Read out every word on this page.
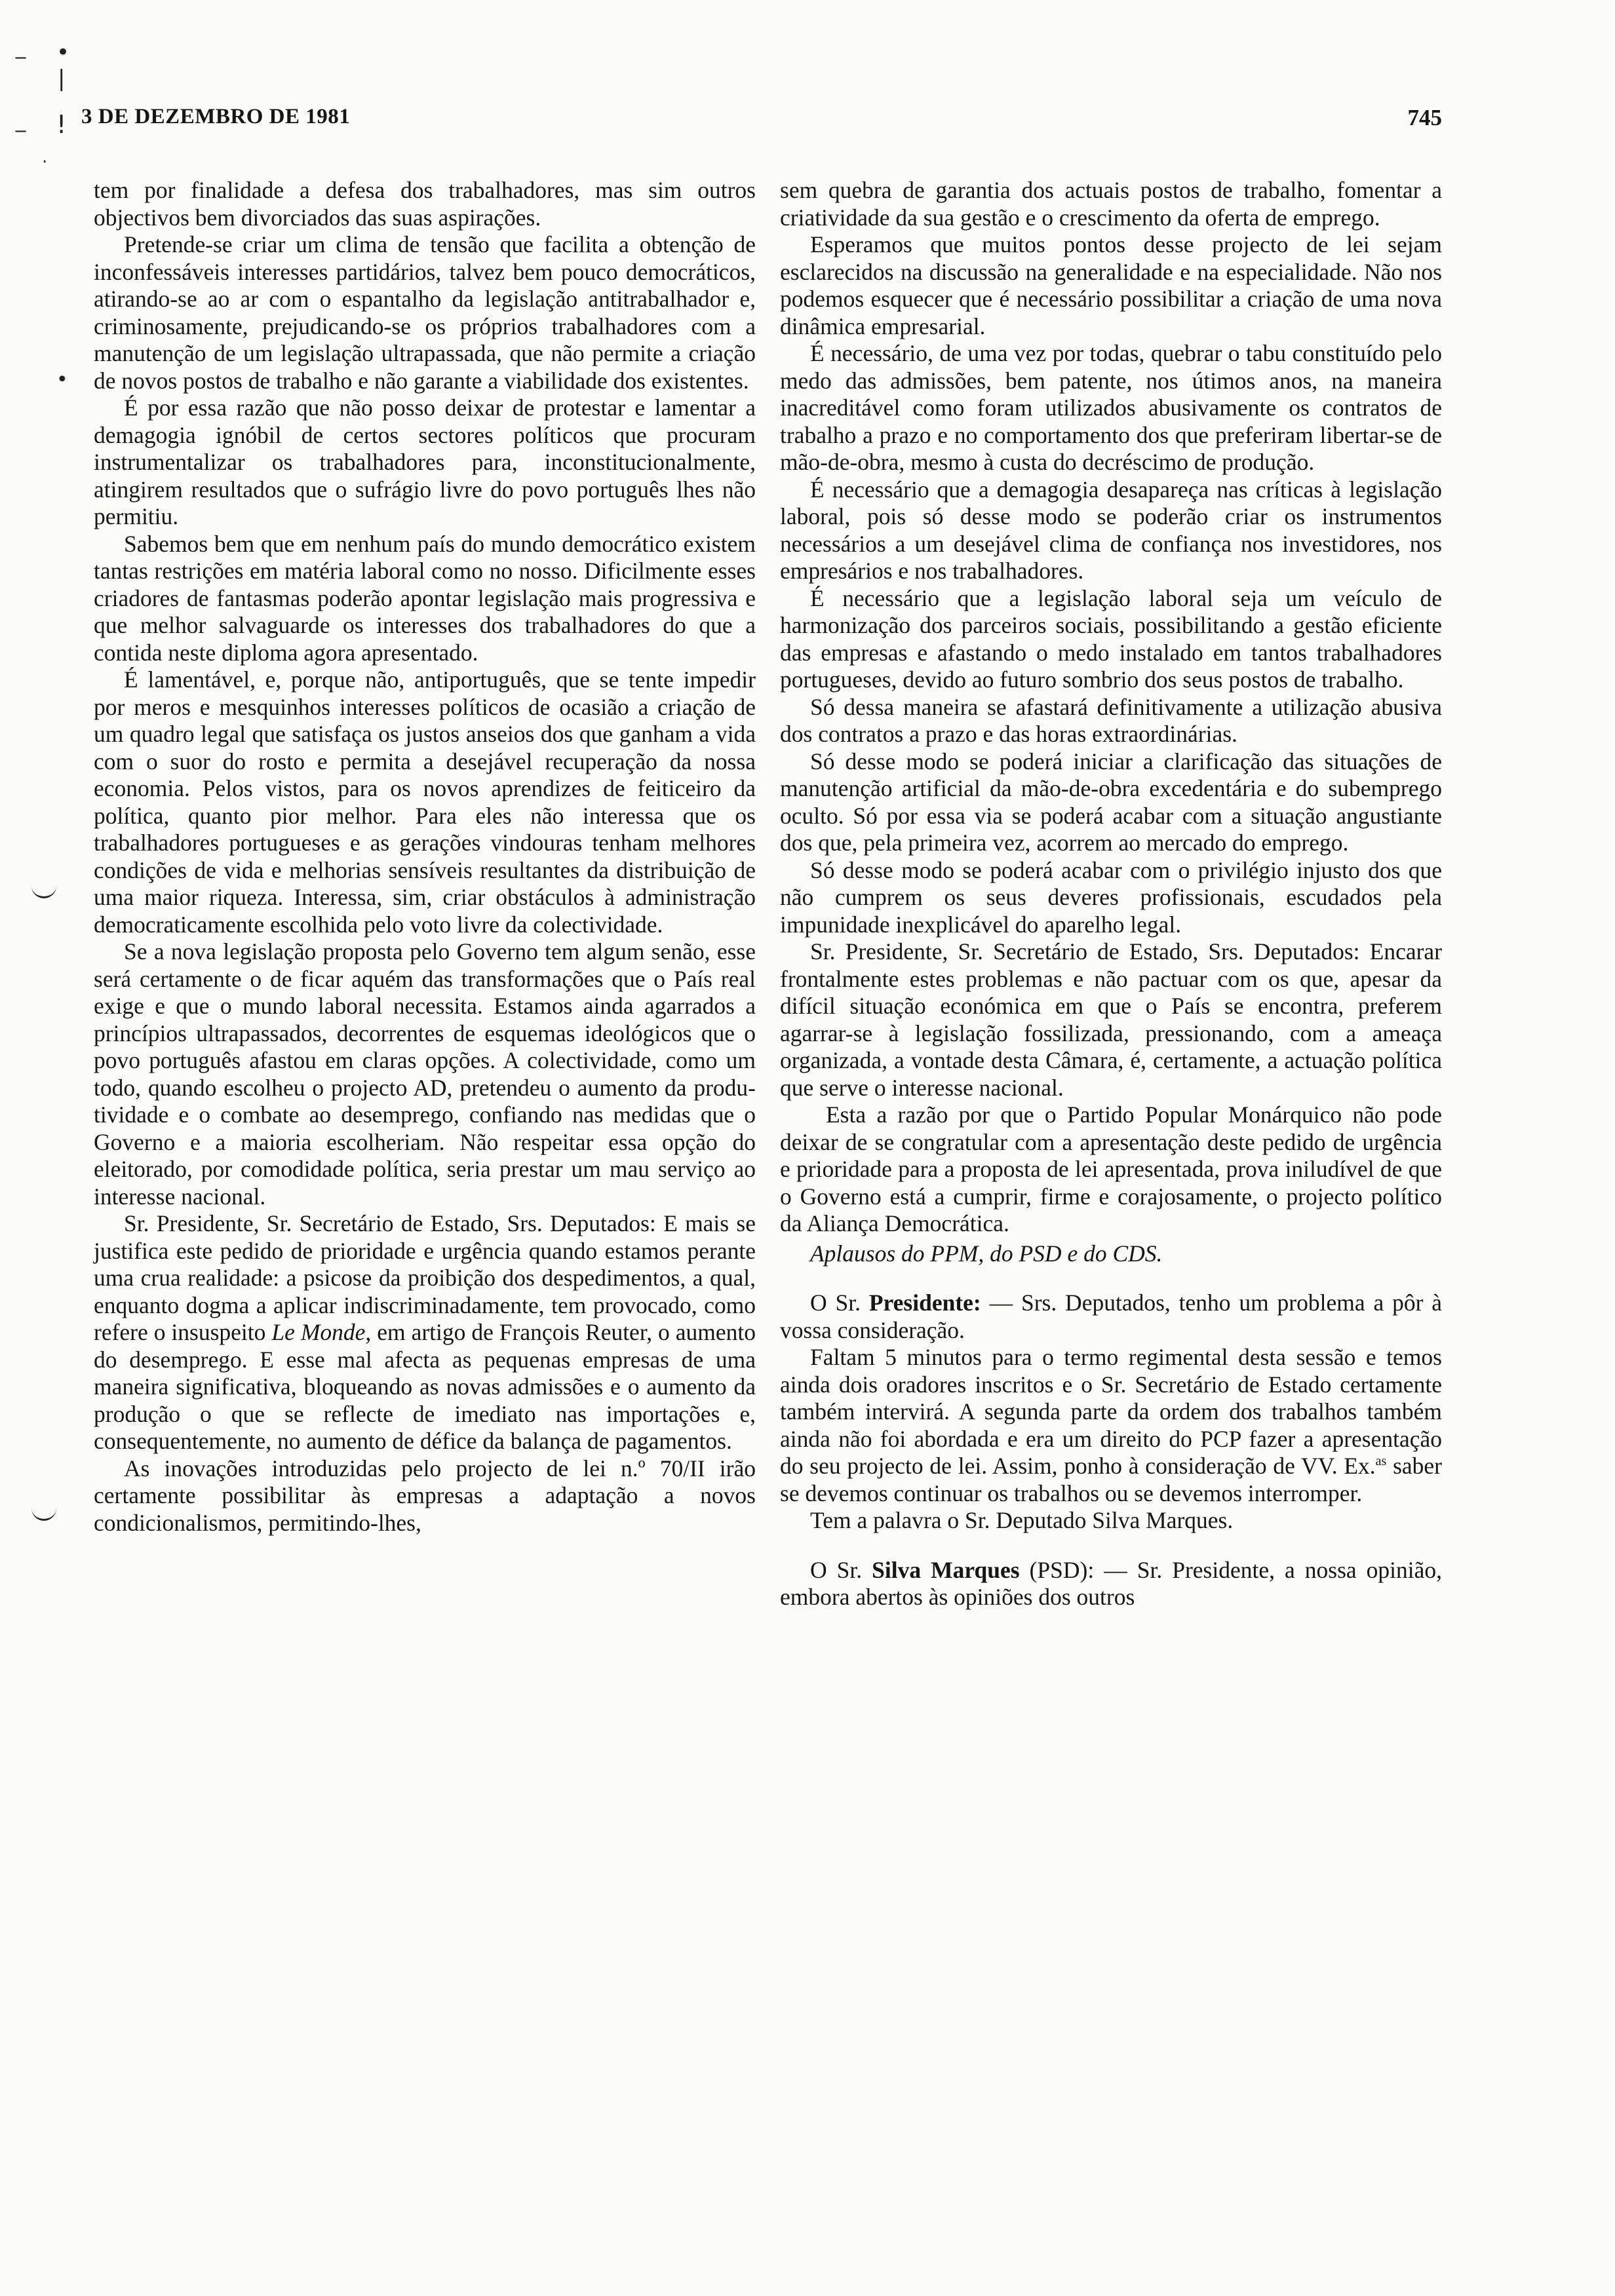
‒ •
|
‒ !
.
•
3 DE DEZEMBRO DE 1981	745

tem por finalidade a defesa dos trabalhadores, mas sim outros objectivos bem divorciados das suas aspirações.

Pretende-se criar um clima de tensão que facilita a obtenção de inconfessáveis interesses partidários, talvez bem pouco democráticos, atirando-se ao ar com o espantalho da legislação antitrabalhador e, criminosamente, prejudicando-se os próprios trabalhadores com a manutenção de um legislação ultrapassada, que não permite a criação de novos postos de trabalho e não garante a viabilidade dos existentes.

É por essa razão que não posso deixar de protestar e lamentar a demagogia ignóbil de certos sectores políticos que procuram instrumentalizar os trabalhadores para, inconstitucionalmente, atingirem resultados que o sufrágio livre do povo português lhes não permitiu.

Sabemos bem que em nenhum país do mundo democrático existem tantas restrições em matéria laboral como no nosso. Dificilmente esses criadores de fantasmas poderão apontar legislação mais progressiva e que melhor salvaguarde os interesses dos trabalhadores do que a contida neste diploma agora apresentado.

É lamentável, e, porque não, antiportuguês, que se tente impedir por meros e mesquinhos interesses políticos de ocasião a criação de um quadro legal que satisfaça os justos anseios dos que ganham a vida com o suor do rosto e permita a desejável recuperação da nossa economia. Pelos vistos, para os novos aprendizes de feiticeiro da política, quanto pior melhor. Para eles não interessa que os trabalhadores portugueses e as gerações vindouras tenham melhores condições de vida e melhorias sensíveis resultantes da distribuição de uma maior riqueza. Interessa, sim, criar obstáculos à administração democraticamente escolhida pelo voto livre da colectividade.

Se a nova legislação proposta pelo Governo tem algum senão, esse será certamente o de ficar aquém das transformações que o País real exige e que o mundo laboral necessita. Estamos ainda agarrados a princípios ultrapassados, decorrentes de esquemas ideológicos que o povo português afastou em claras opções. A colectividade, como um todo, quando escolheu o projecto AD, pretendeu o aumento da produtividade e o combate ao desemprego, confiando nas medidas que o Governo e a maioria escolheriam. Não respeitar essa opção do eleitorado, por comodidade política, seria prestar um mau serviço ao interesse nacional.

Sr. Presidente, Sr. Secretário de Estado, Srs. Deputados: E mais se justifica este pedido de prioridade e urgência quando estamos perante uma crua realidade: a psicose da proibição dos despedimentos, a qual, enquanto dogma a aplicar indiscriminadamente, tem provocado, como refere o insuspeito Le Monde, em artigo de François Reuter, o aumento do desemprego. E esse mal afecta as pequenas empresas de uma maneira significativa, bloqueando as novas admissões e o aumento da produção o que se reflecte de imediato nas importações e, consequentemente, no aumento de défice da balança de pagamentos.

As inovações introduzidas pelo projecto de lei n.º 70/II irão certamente possibilitar às empresas a adaptação a novos condicionalismos, permitindo-lhes,

sem quebra de garantia dos actuais postos de trabalho, fomentar a criatividade da sua gestão e o crescimento da oferta de emprego.

Esperamos que muitos pontos desse projecto de lei sejam esclarecidos na discussão na generalidade e na especialidade. Não nos podemos esquecer que é necessário possibilitar a criação de uma nova dinâmica empresarial.

É necessário, de uma vez por todas, quebrar o tabu constituído pelo medo das admissões, bem patente, nos útimos anos, na maneira inacreditável como foram utilizados abusivamente os contratos de trabalho a prazo e no comportamento dos que preferiram libertar-se de mão-de-obra, mesmo à custa do decréscimo de produção.

É necessário que a demagogia desapareça nas críticas à legislação laboral, pois só desse modo se poderão criar os instrumentos necessários a um desejável clima de confiança nos investidores, nos empresários e nos trabalhadores.

É necessário que a legislação laboral seja um veículo de harmonização dos parceiros sociais, possibilitando a gestão eficiente das empresas e afastando o medo instalado em tantos trabalhadores portugueses, devido ao futuro sombrio dos seus postos de trabalho.

Só dessa maneira se afastará definitivamente a utilização abusiva dos contratos a prazo e das horas extraordinárias.

Só desse modo se poderá iniciar a clarificação das situações de manutenção artificial da mão-de-obra excedentária e do subemprego oculto. Só por essa via se poderá acabar com a situação angustiante dos que, pela primeira vez, acorrem ao mercado do emprego.

Só desse modo se poderá acabar com o privilégio injusto dos que não cumprem os seus deveres profissionais, escudados pela impunidade inexplicável do aparelho legal.

Sr. Presidente, Sr. Secretário de Estado, Srs. Deputados: Encarar frontalmente estes problemas e não pactuar com os que, apesar da difícil situação económica em que o País se encontra, preferem agarrar-se à legislação fossilizada, pressionando, com a ameaça organizada, a vontade desta Câmara, é, certamente, a actuação política que serve o interesse nacional.

Esta a razão por que o Partido Popular Monárquico não pode deixar de se congratular com a apresentação deste pedido de urgência e prioridade para a proposta de lei apresentada, prova iniludível de que o Governo está a cumprir, firme e corajosamente, o projecto político da Aliança Democrática.

Aplausos do PPM, do PSD e do CDS.

O Sr. Presidente: — Srs. Deputados, tenho um problema a pôr à vossa consideração.

Faltam 5 minutos para o termo regimental desta sessão e temos ainda dois oradores inscritos e o Sr. Secretário de Estado certamente também intervirá. A segunda parte da ordem dos trabalhos também ainda não foi abordada e era um direito do PCP fazer a apresentação do seu projecto de lei. Assim, ponho à consideração de VV. Ex.$^{as}$ saber se devemos continuar os trabalhos ou se devemos interromper.

Tem a palavra o Sr. Deputado Silva Marques.

O Sr. Silva Marques (PSD): — Sr. Presidente, a nossa opinião, embora abertos às opiniões dos outros
